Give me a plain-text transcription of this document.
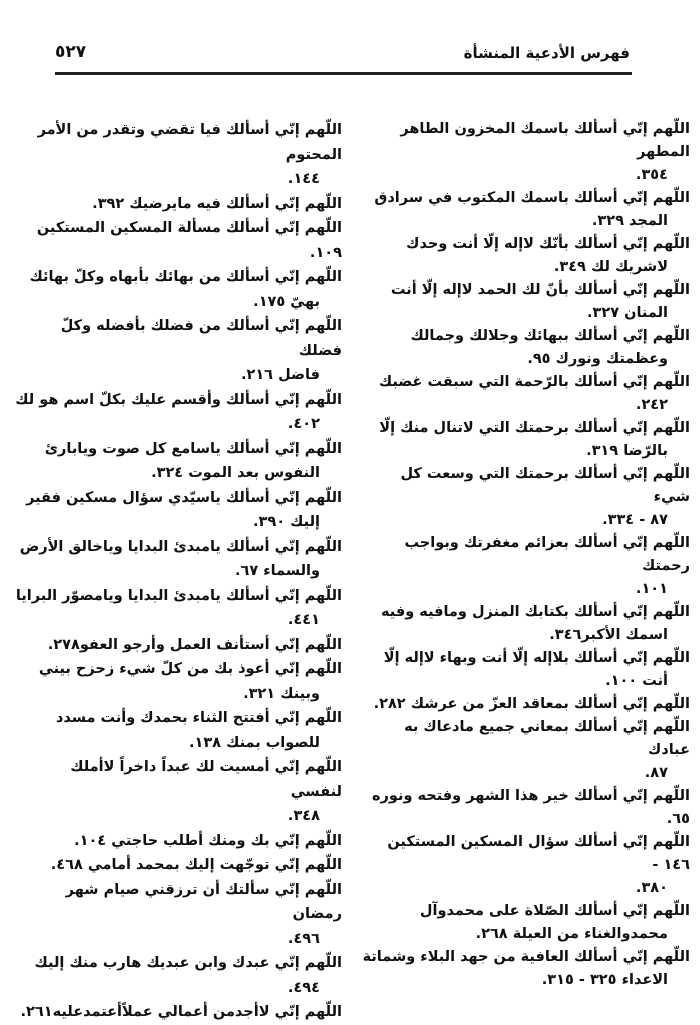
فهرس الأدعية المنشأة
٥٢٧
اللّهم إنّي أسألك باسمك المخزون الطاهر المطهر
٣٥٤.
اللّهم إنّي أسألك باسمك المكتوب في سرادق
المجد ٣٢٩.
اللّهم إنّي أسألك بأنّك لاإله إلّا أنت وحدك
لاشريك لك ٣٤٩.
اللّهم إنّي أسألك بأنّ لك الحمد لاإله إلّا أنت
المنان ٣٢٧.
اللّهم إنّي أسألك ببهائك وجلالك وجمالك
وعظمتك ونورك ٩٥.
اللّهم إنّي أسألك بالرّحمة التي سبقت غضبك
٢٤٢.
اللّهم إنّي أسألك برحمتك التي لاتنال منك إلّا
بالرّضا ٣١٩.
اللّهم إنّي أسألك برحمتك التي وسعت كل شيء
٨٧ - ٣٣٤.
اللّهم إنّي أسألك بعزائم مغفرتك وبواجب رحمتك
١٠١.
اللّهم إنّي أسألك بكتابك المنزل ومافيه وفيه
اسمك الأكبر٣٤٦.
اللّهم إنّي أسألك بلاإله إلّا أنت وبهاء لاإله إلّا
أنت ١٠٠.
اللّهم إنّي أسألك بمعاقد العزّ من عرشك ٢٨٢.
اللّهم إنّي أسألك بمعاني جميع مادعاك به عبادك
٨٧.
اللّهم إنّي أسألك خير هذا الشهر وفتحه ونوره ٦٥.
اللّهم إنّي أسألك سؤال المسكين المستكين ١٤٦ -
٣٨٠.
اللّهم إنّي أسألك الصّلاة على محمدوآل
محمدوالغناء من العيلة ٢٦٨.
اللّهم إنّي أسألك العافية من جهد البلاء وشماتة
الاعداء ٣٢٥ - ٣١٥.
اللّهم إنّي أسألك فيا تقضي وتقدر من الأمر المحتوم
١٤٤.
اللّهم إنّي أسألك فيه مايرضيك ٣٩٢.
اللّهم إنّي أسألك مسألة المسكين المستكين ١٠٩.
اللّهم إنّي أسألك من بهائك بأبهاه وكلّ بهائك
بهيّ ١٧٥.
اللّهم إنّي أسألك من فضلك بأفضله وكلّ فضلك
فاضل ٢١٦.
اللّهم إنّي أسألك وأقسم عليك بكلّ اسم هو لك
٤٠٢.
اللّهم إنّي أسألك ياسامع كل صوت ويابارئ
النفوس بعد الموت ٣٢٤.
اللّهم إنّي أسألك ياسيّدي سؤال مسكين فقير
إليك ٣٩٠.
اللّهم إنّي أسألك يامبدئ البدايا وياخالق الأرض
والسماء ٦٧.
اللّهم إنّي أسألك يامبدئ البدايا ويامصوّر البرايا
٤٤١.
اللّهم إنّي أستأنف العمل وأرجو العفو٢٧٨.
اللّهم إنّي أعوذ بك من كلّ شيء زحزح بيني
وبينك ٣٢١.
اللّهم إنّي أفتتح الثناء بحمدك وأنت مسدد
للصواب بمنك ١٣٨.
اللّهم إنّي أمسيت لك عبداً داخراً لاأملك لنفسي
٣٤٨.
اللّهم إنّي بك ومنك أطلب حاجتي ١٠٤.
اللّهم إنّي توجّهت إليك بمحمد أمامي ٤٦٨.
اللّهم إنّي سألتك أن ترزقني صيام شهر رمضان
٤٩٦.
اللّهم إنّي عبدك وابن عبديك هارب منك إليك
٤٩٤.
اللّهم إنّي لاأجدمن أعمالي عملاًأعتمدعليه٢٦١.
